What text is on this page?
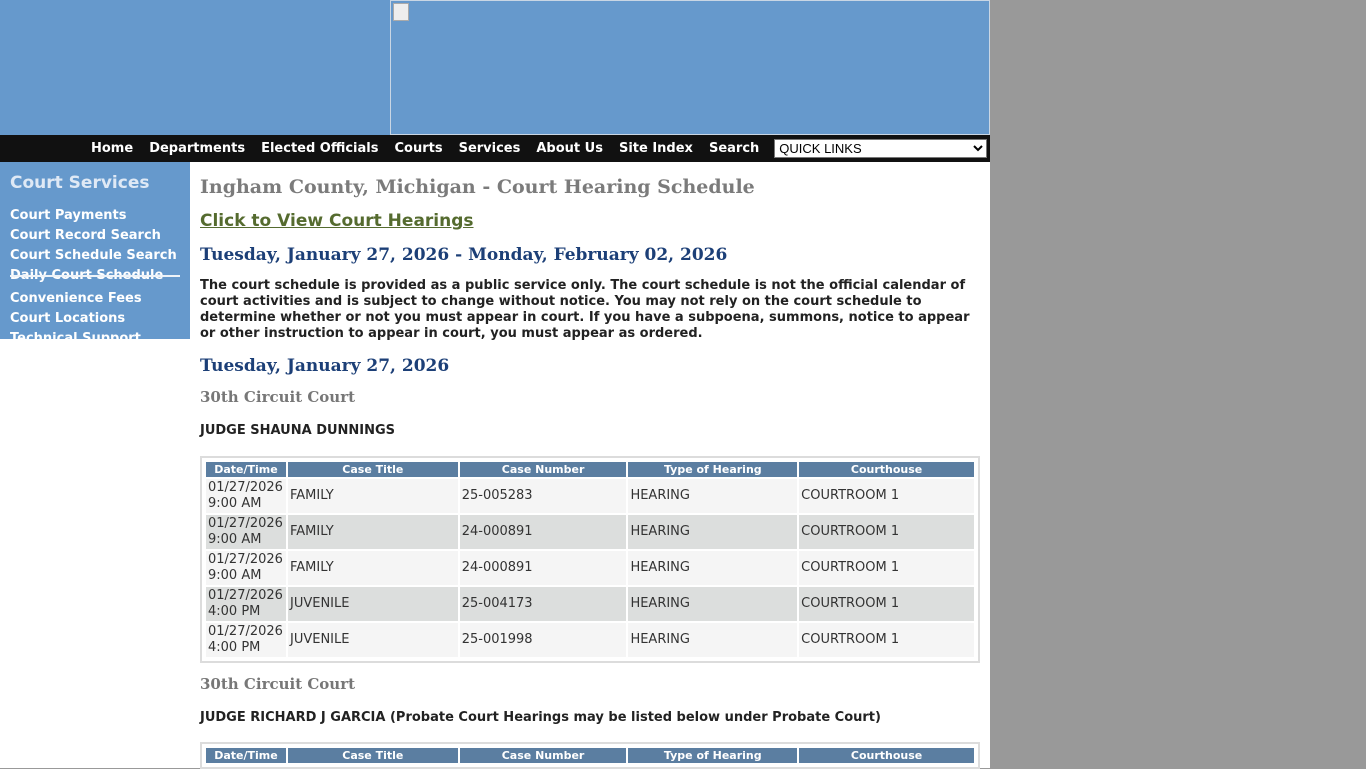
Home	Departments	Elected Officials	Courts	Services	About Us	Site Index	Search
QUICK LINKS
Court Services
Court Payments
Court Record Search
Court Schedule Search
Daily Court Schedule
Convenience Fees
Court Locations
Technical Support
Ingham County, Michigan - Court Hearing Schedule
Click to View Court Hearings
Tuesday, January 27, 2026 - Monday, February 02, 2026

The court schedule is provided as a public service only. The court schedule is not the official calendar of court activities and is subject to change without notice. You may not rely on the court schedule to determine whether or not you must appear in court. If you have a subpoena, summons, notice to appear or other instruction to appear in court, you must appear as ordered.

Tuesday, January 27, 2026
30th Circuit Court
JUDGE SHAUNA DUNNINGS
Date/Time	Case Title	Case Number	Type of Hearing	Courthouse
01/27/2026
9:00 AM	FAMILY	25-005283	HEARING	COURTROOM 1
01/27/2026
9:00 AM	FAMILY	24-000891	HEARING	COURTROOM 1
01/27/2026
9:00 AM	FAMILY	24-000891	HEARING	COURTROOM 1
01/27/2026
4:00 PM	JUVENILE	25-004173	HEARING	COURTROOM 1
01/27/2026
4:00 PM	JUVENILE	25-001998	HEARING	COURTROOM 1
30th Circuit Court
JUDGE RICHARD J GARCIA (Probate Court Hearings may be listed below under Probate Court)
Date/Time	Case Title	Case Number	Type of Hearing	Courthouse
